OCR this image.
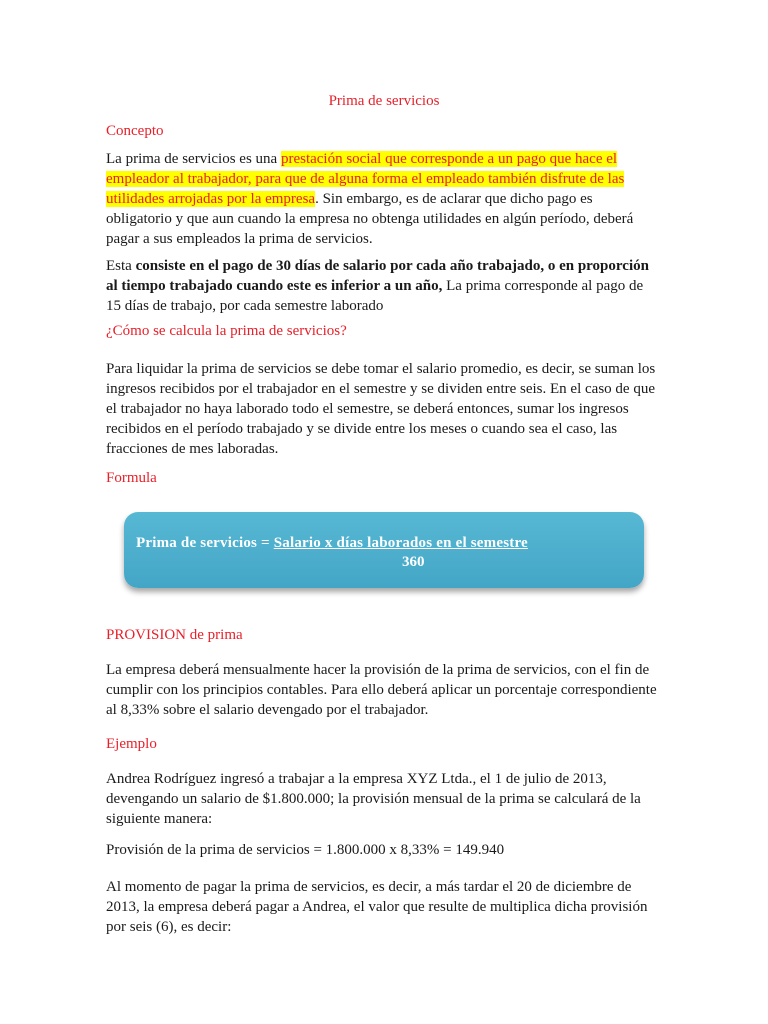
Prima de servicios
Concepto

La prima de servicios es una prestación social que corresponde a un pago que hace el
empleador al trabajador, para que de alguna forma el empleado también disfrute de las
utilidades arrojadas por la empresa. Sin embargo, es de aclarar que dicho pago es
obligatorio y que aun cuando la empresa no obtenga utilidades en algún período, deberá
pagar a sus empleados la prima de servicios.

Esta consiste en el pago de 30 días de salario por cada año trabajado, o en proporción
al tiempo trabajado cuando este es inferior a un año, La prima corresponde al pago de
15 días de trabajo, por cada semestre laborado

¿Cómo se calcula la prima de servicios?

Para liquidar la prima de servicios se debe tomar el salario promedio, es decir, se suman los
ingresos recibidos por el trabajador en el semestre y se dividen entre seis. En el caso de que
el trabajador no haya laborado todo el semestre, se deberá entonces, sumar los ingresos
recibidos en el período trabajado y se divide entre los meses o cuando sea el caso, las
fracciones de mes laboradas.

Formula
Prima de servicios = Salario x días laborados en el semestre
360
PROVISION de prima

La empresa deberá mensualmente hacer la provisión de la prima de servicios, con el fin de
cumplir con los principios contables. Para ello deberá aplicar un porcentaje correspondiente
al 8,33% sobre el salario devengado por el trabajador.

Ejemplo

Andrea Rodríguez ingresó a trabajar a la empresa XYZ Ltda., el 1 de julio de 2013,
devengando un salario de $1.800.000; la provisión mensual de la prima se calculará de la
siguiente manera:

Provisión de la prima de servicios = 1.800.000 x 8,33% = 149.940

Al momento de pagar la prima de servicios, es decir, a más tardar el 20 de diciembre de
2013, la empresa deberá pagar a Andrea, el valor que resulte de multiplica dicha provisión
por seis (6), es decir:
